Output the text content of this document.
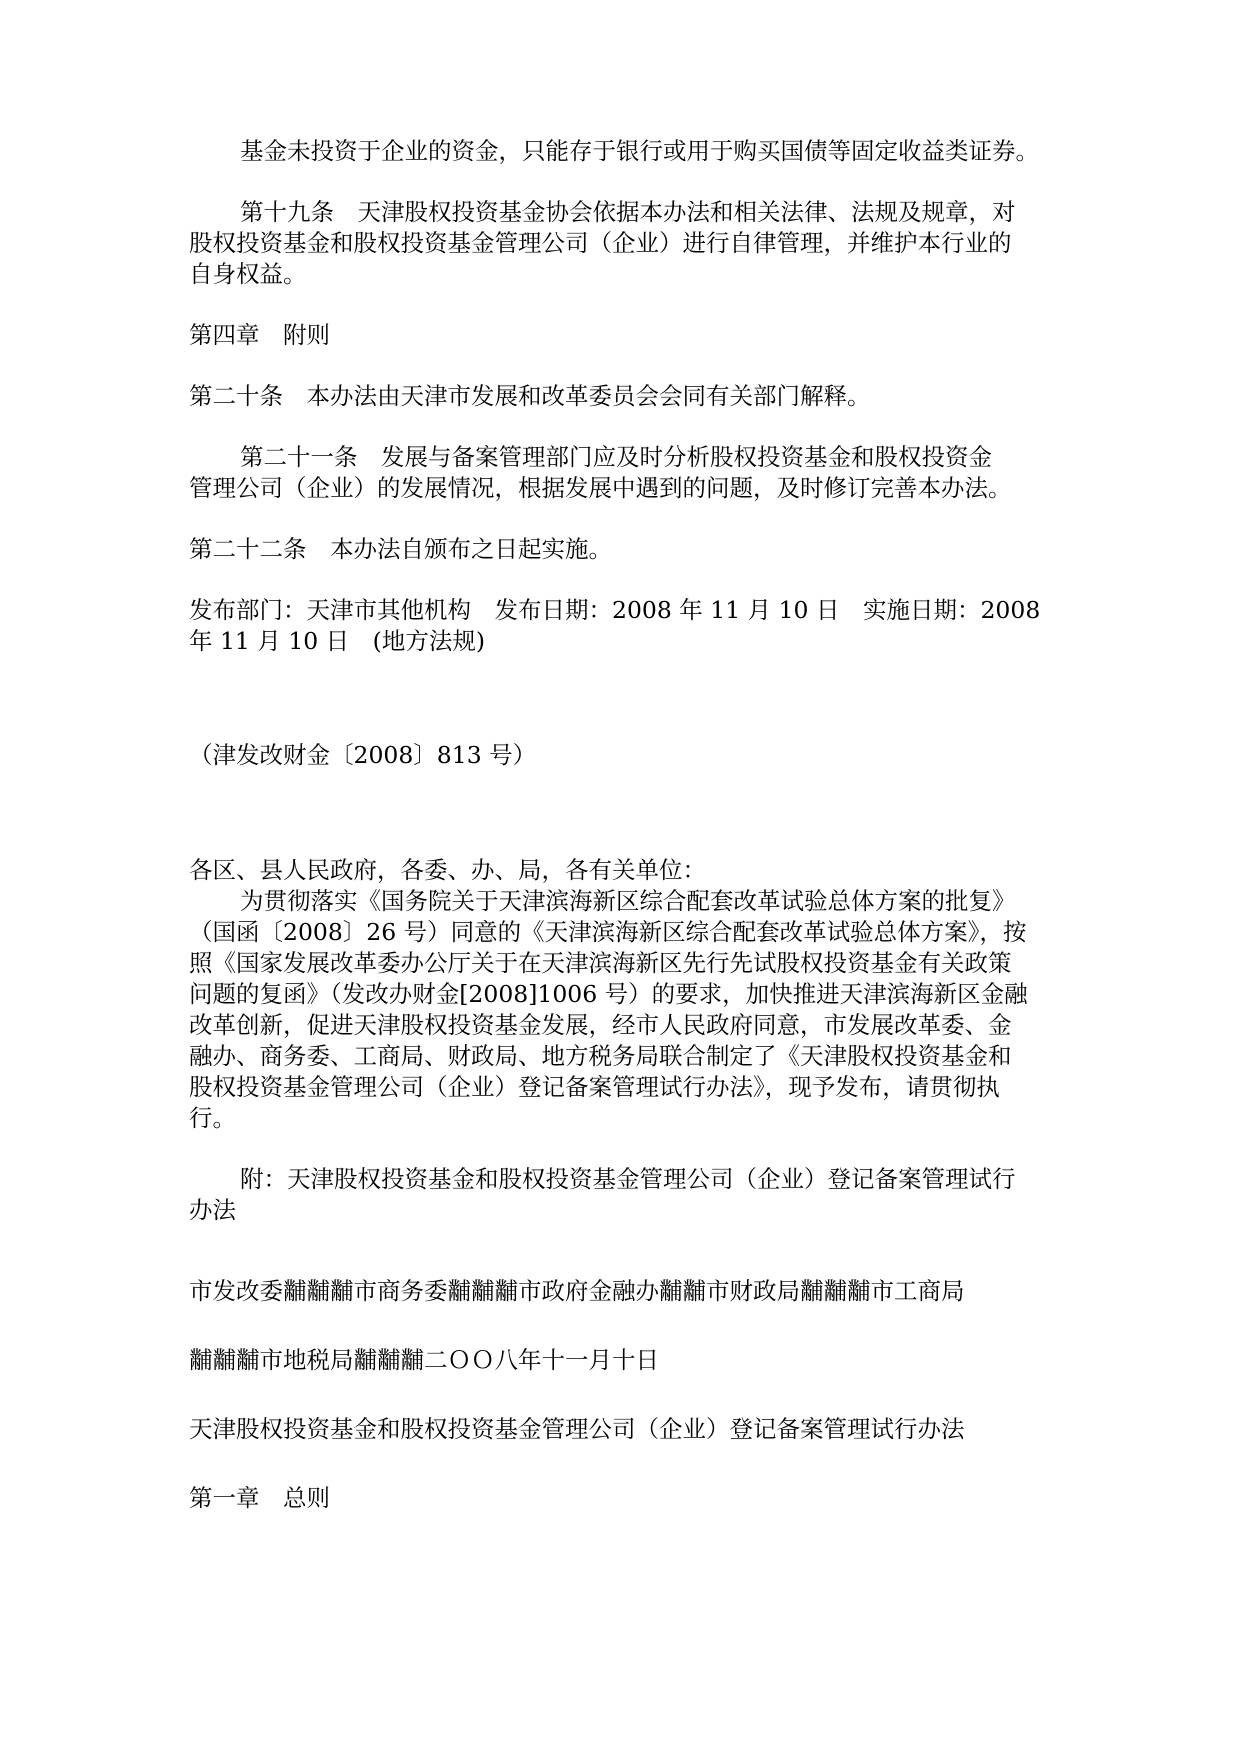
基金未投资于企业的资金，只能存于银行或用于购买国债等固定收益类证券。

第十九条　天津股权投资基金协会依据本办法和相关法律、法规及规章，对

股权投资基金和股权投资基金管理公司（企业）进行自律管理，并维护本行业的

自身权益。

第四章　附则

第二十条　本办法由天津市发展和改革委员会会同有关部门解释。

第二十一条　发展与备案管理部门应及时分析股权投资基金和股权投资金

管理公司（企业）的发展情况，根据发展中遇到的问题，及时修订完善本办法。

第二十二条　本办法自颁布之日起实施。

发布部门：天津市其他机构　发布日期：2008 年 11 月 10 日　实施日期：2008

年 11 月 10 日　(地方法规)

（津发改财金〔2008〕813 号）

各区、县人民政府，各委、办、局，各有关单位：

为贯彻落实《国务院关于天津滨海新区综合配套改革试验总体方案的批复》

（国函〔2008〕26 号）同意的《天津滨海新区综合配套改革试验总体方案》，按

照《国家发展改革委办公厅关于在天津滨海新区先行先试股权投资基金有关政策

问题的复函》（发改办财金[2008]1006 号）的要求，加快推进天津滨海新区金融

改革创新，促进天津股权投资基金发展，经市人民政府同意，市发展改革委、金

融办、商务委、工商局、财政局、地方税务局联合制定了《天津股权投资基金和

股权投资基金管理公司（企业）登记备案管理试行办法》，现予发布，请贯彻执

行。

附：天津股权投资基金和股权投资基金管理公司（企业）登记备案管理试行

办法

市发改委黼黼黼市商务委黼黼黼市政府金融办黼黼市财政局黼黼黼市工商局

黼黼黼市地税局黼黼黼二ＯＯ八年十一月十日

天津股权投资基金和股权投资基金管理公司（企业）登记备案管理试行办法

第一章　总则
